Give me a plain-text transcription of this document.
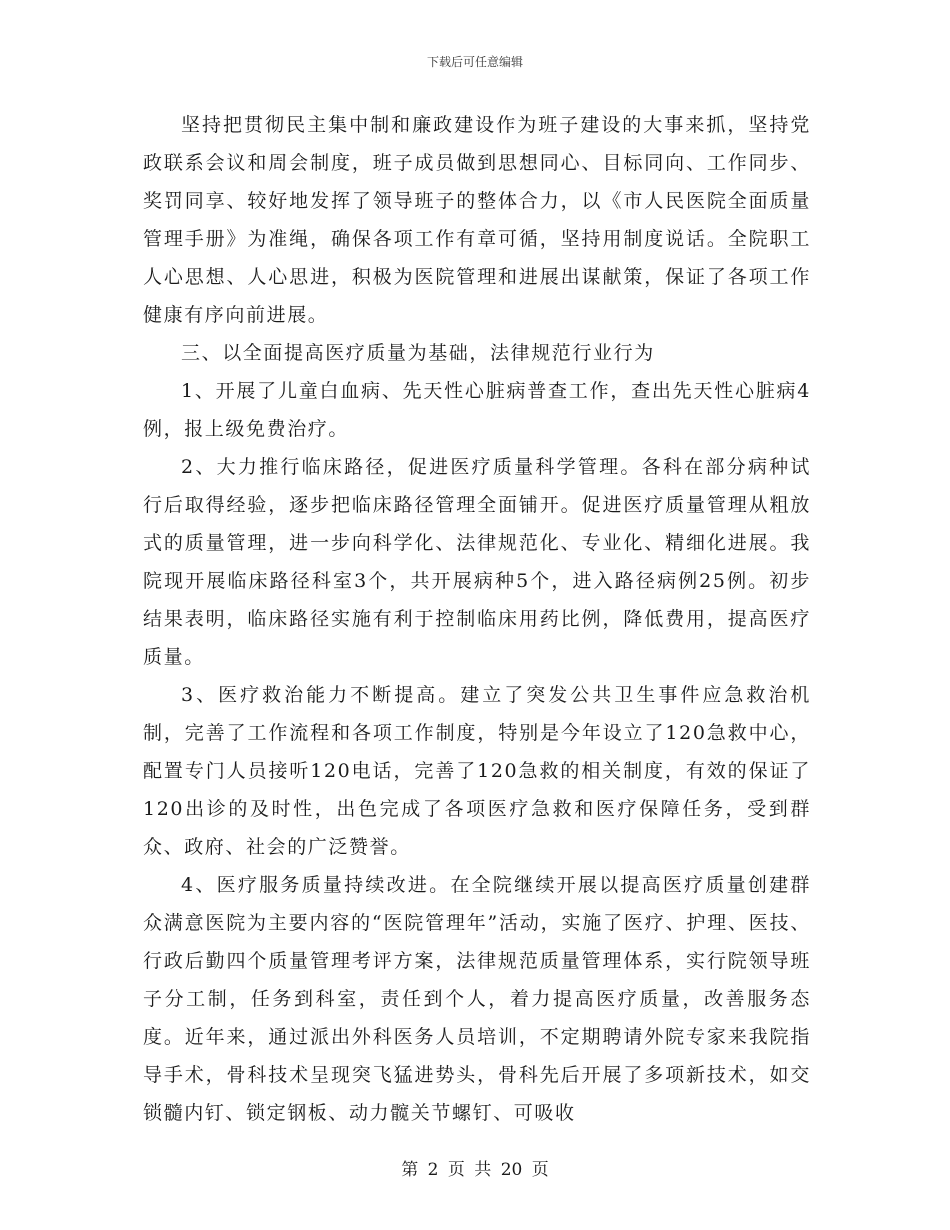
下载后可任意编辑

坚持把贯彻民主集中制和廉政建设作为班子建设的大事来抓，坚持党政联系会议和周会制度，班子成员做到思想同心、目标同向、工作同步、奖罚同享、较好地发挥了领导班子的整体合力，以《市人民医院全面质量管理手册》为准绳，确保各项工作有章可循，坚持用制度说话。全院职工人心思想、人心思进，积极为医院管理和进展出谋献策，保证了各项工作健康有序向前进展。

三、以全面提高医疗质量为基础，法律规范行业行为

1、开展了儿童白血病、先天性心脏病普查工作，查出先天性心脏病4例，报上级免费治疗。

2、大力推行临床路径，促进医疗质量科学管理。各科在部分病种试行后取得经验，逐步把临床路径管理全面铺开。促进医疗质量管理从粗放式的质量管理，进一步向科学化、法律规范化、专业化、精细化进展。我院现开展临床路径科室3个，共开展病种5个，进入路径病例25例。初步结果表明，临床路径实施有利于控制临床用药比例，降低费用，提高医疗质量。

3、医疗救治能力不断提高。建立了突发公共卫生事件应急救治机制，完善了工作流程和各项工作制度，特别是今年设立了120急救中心，配置专门人员接听120电话，完善了120急救的相关制度，有效的保证了120出诊的及时性，出色完成了各项医疗急救和医疗保障任务，受到群众、政府、社会的广泛赞誉。

4、医疗服务质量持续改进。在全院继续开展以提高医疗质量创建群众满意医院为主要内容的“医院管理年”活动，实施了医疗、护理、医技、行政后勤四个质量管理考评方案，法律规范质量管理体系，实行院领导班子分工制，任务到科室，责任到个人，着力提高医疗质量，改善服务态度。近年来，通过派出外科医务人员培训，不定期聘请外院专家来我院指导手术，骨科技术呈现突飞猛进势头，骨科先后开展了多项新技术，如交锁髓内钉、锁定钢板、动力髋关节螺钉、可吸收

第 2 页 共 20 页
